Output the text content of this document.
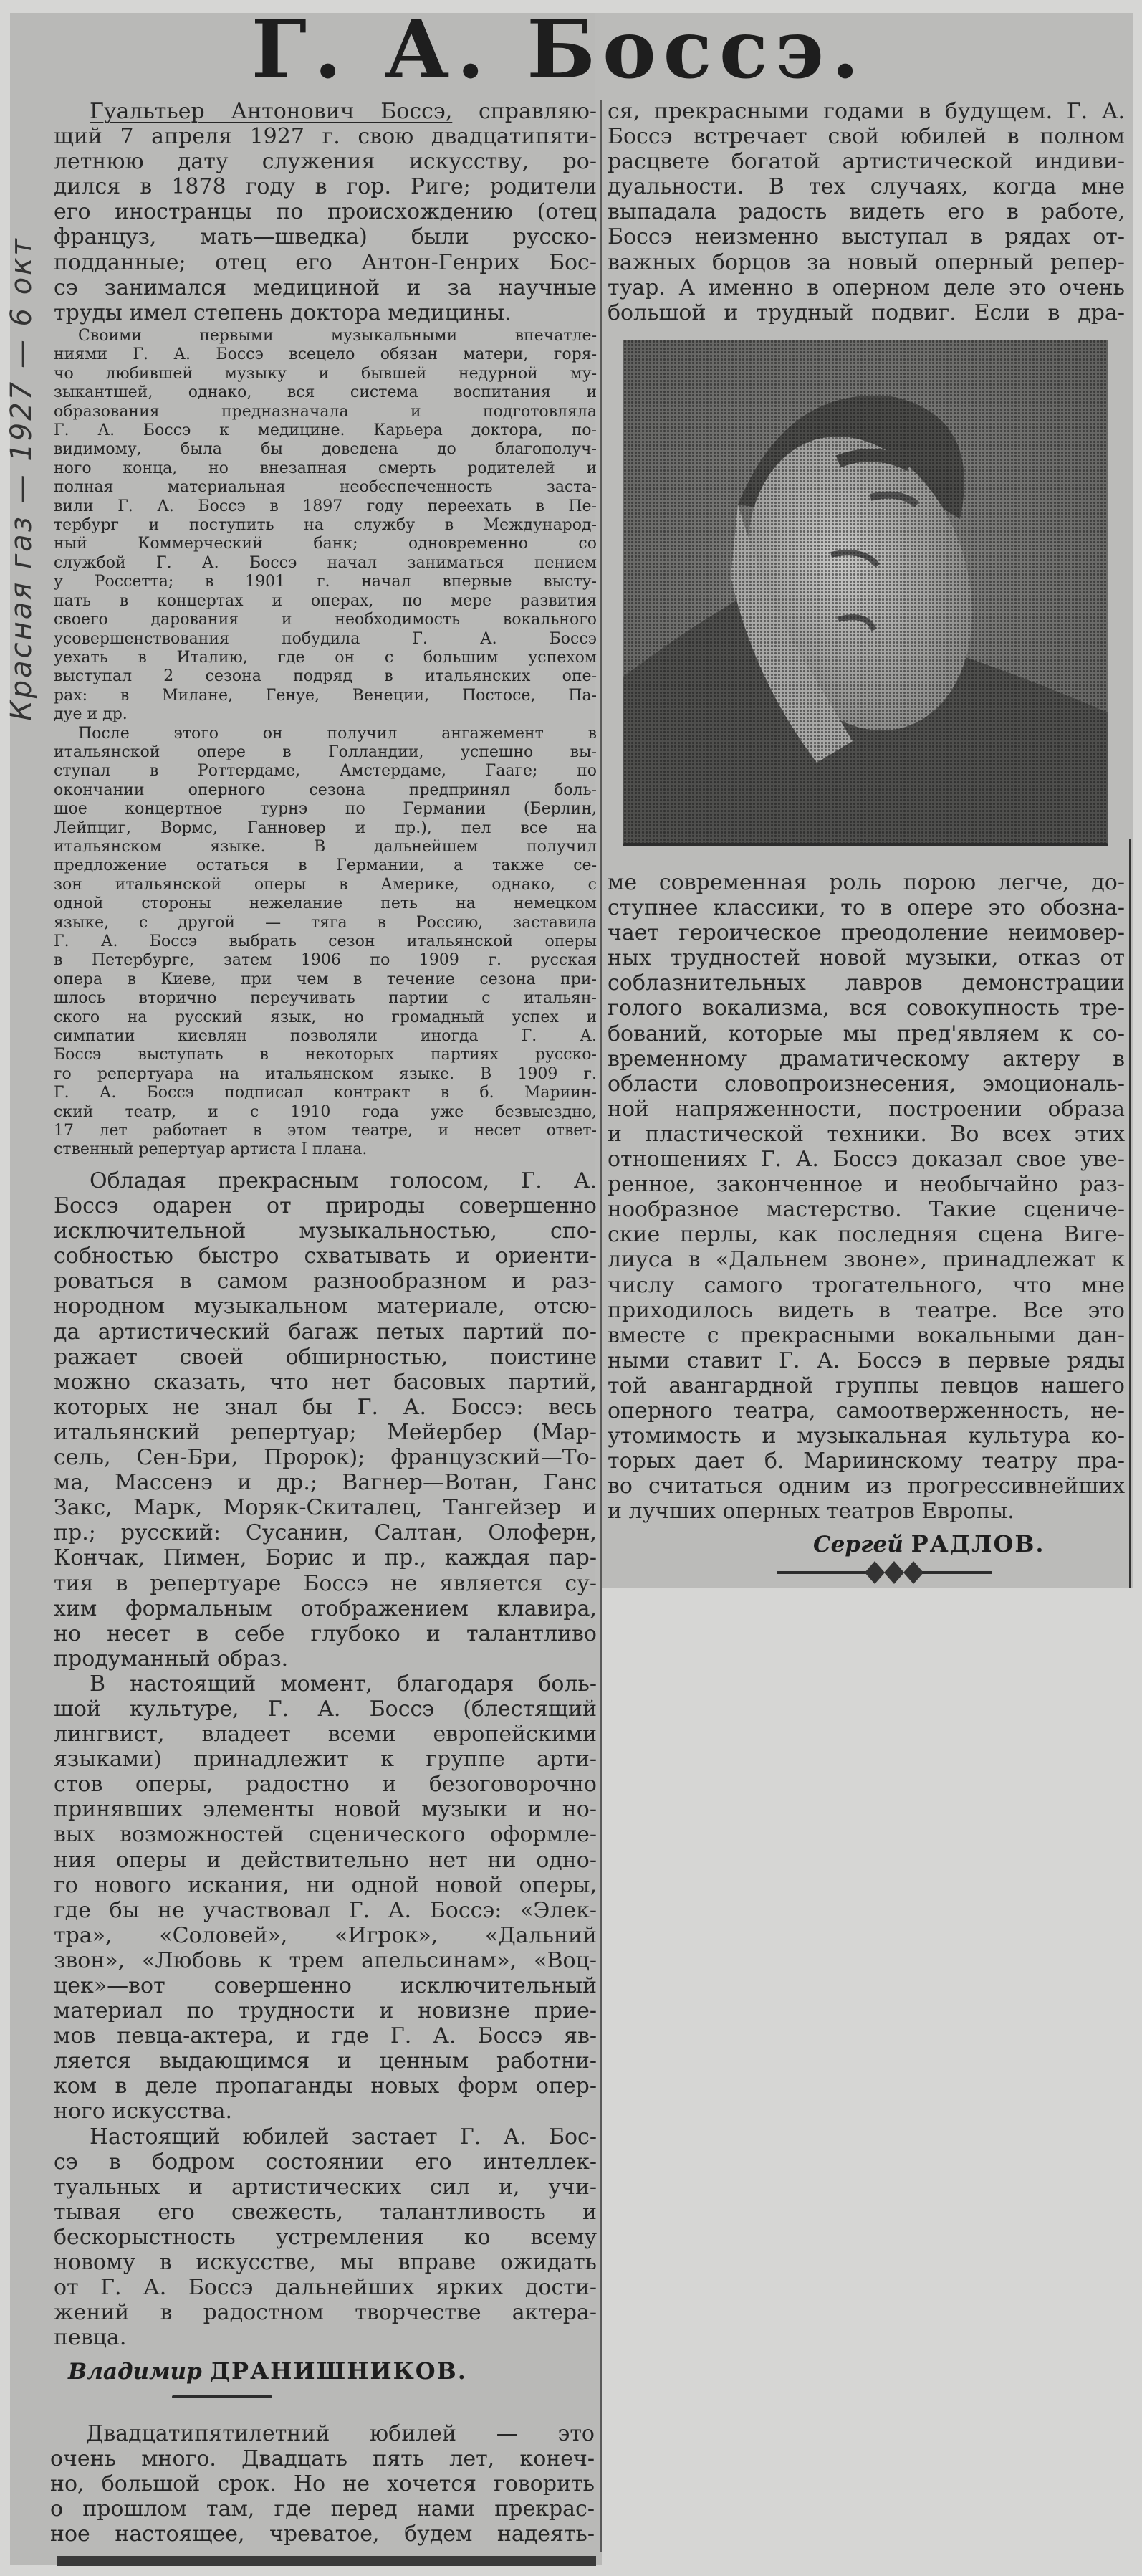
Красная газ — 1927 — 6 окт
Г. А. Боссэ.
Гуальтьер Антонович Боссэ, справляю-
щий 7 апреля 1927 г. свою двадцатипяти-
летнюю дату служения искусству, ро-
дился в 1878 году в гор. Риге; родители
его иностранцы по происхождению (отец
француз, мать—шведка) были русско-
подданные; отец его Антон-Генрих Бос-
сэ занимался медициной и за научные
труды имел степень доктора медицины.
Своими первыми музыкальными впечатле-
ниями Г. А. Боссэ всецело обязан матери, горя-
чо любившей музыку и бывшей недурной му-
зыкантшей, однако, вся система воспитания и
образования предназначала и подготовляла
Г. А. Боссэ к медицине. Карьера доктора, по-
видимому, была бы доведена до благополуч-
ного конца, но внезапная смерть родителей и
полная материальная необеспеченность заста-
вили Г. А. Боссэ в 1897 году переехать в Пе-
тербург и поступить на службу в Международ-
ный Коммерческий банк; одновременно со
службой Г. А. Боссэ начал заниматься пением
у Россетта; в 1901 г. начал впервые высту-
пать в концертах и операх, по мере развития
своего дарования и необходимость вокального
усовершенствования побудила Г. А. Боссэ
уехать в Италию, где он с большим успехом
выступал 2 сезона подряд в итальянских опе-
рах: в Милане, Генуе, Венеции, Постосе, Па-
дуе и др.
После этого он получил ангажемент в
итальянской опере в Голландии, успешно вы-
ступал в Роттердаме, Амстердаме, Гааге; по
окончании оперного сезона предпринял боль-
шое концертное турнэ по Германии (Берлин,
Лейпциг, Вормс, Ганновер и пр.), пел все на
итальянском языке. В дальнейшем получил
предложение остаться в Германии, а также се-
зон итальянской оперы в Америке, однако, с
одной стороны нежелание петь на немецком
языке, с другой — тяга в Россию, заставила
Г. А. Боссэ выбрать сезон итальянской оперы
в Петербурге, затем 1906 по 1909 г. русская
опера в Киеве, при чем в течение сезона при-
шлось вторично переучивать партии с итальян-
ского на русский язык, но громадный успех и
симпатии киевлян позволяли иногда Г. А.
Боссэ выступать в некоторых партиях русско-
го репертуара на итальянском языке. В 1909 г.
Г. А. Боссэ подписал контракт в б. Мариин-
ский театр, и с 1910 года уже безвыездно,
17 лет работает в этом театре, и несет ответ-
ственный репертуар артиста I плана.
Обладая прекрасным голосом, Г. А.
Боссэ одарен от природы совершенно
исключительной музыкальностью, спо-
собностью быстро схватывать и ориенти-
роваться в самом разнообразном и раз-
нородном музыкальном материале, отсю-
да артистический багаж петых партий по-
ражает своей обширностью, поистине
можно сказать, что нет басовых партий,
которых не знал бы Г. А. Боссэ: весь
итальянский репертуар; Мейербер (Мар-
сель, Сен-Бри, Пророк); французский—То-
ма, Массенэ и др.; Вагнер—Вотан, Ганс
Закс, Марк, Моряк-Скиталец, Тангейзер и
пр.; русский: Сусанин, Салтан, Олоферн,
Кончак, Пимен, Борис и пр., каждая пар-
тия в репертуаре Боссэ не является су-
хим формальным отображением клавира,
но несет в себе глубоко и талантливо
продуманный образ.
В настоящий момент, благодаря боль-
шой культуре, Г. А. Боссэ (блестящий
лингвист, владеет всеми европейскими
языками) принадлежит к группе арти-
стов оперы, радостно и безоговорочно
принявших элементы новой музыки и но-
вых возможностей сценического оформле-
ния оперы и действительно нет ни одно-
го нового искания, ни одной новой оперы,
где бы не участвовал Г. А. Боссэ: «Элек-
тра», «Соловей», «Игрок», «Дальний
звон», «Любовь к трем апельсинам», «Воц-
цек»—вот совершенно исключительный
материал по трудности и новизне прие-
мов певца-актера, и где Г. А. Боссэ яв-
ляется выдающимся и ценным работни-
ком в деле пропаганды новых форм опер-
ного искусства.
Настоящий юбилей застает Г. А. Бос-
сэ в бодром состоянии его интеллек-
туальных и артистических сил и, учи-
тывая его свежесть, талантливость и
бескорыстность устремления ко всему
новому в искусстве, мы вправе ожидать
от Г. А. Боссэ дальнейших ярких дости-
жений в радостном творчестве актера-
певца.
Владимир ДРАНИШНИКОВ.
Двадцатипятилетний юбилей — это
очень много. Двадцать пять лет, конеч-
но, большой срок. Но не хочется говорить
о прошлом там, где перед нами прекрас-
ное настоящее, чреватое, будем надеять-
ся, прекрасными годами в будущем. Г. А.
Боссэ встречает свой юбилей в полном
расцвете богатой артистической индиви-
дуальности. В тех случаях, когда мне
выпадала радость видеть его в работе,
Боссэ неизменно выступал в рядах от-
важных борцов за новый оперный репер-
туар. А именно в оперном деле это очень
большой и трудный подвиг. Если в дра-
ме современная роль порою легче, до-
ступнее классики, то в опере это обозна-
чает героическое преодоление неимовер-
ных трудностей новой музыки, отказ от
соблазнительных лавров демонстрации
голого вокализма, вся совокупность тре-
бований, которые мы пред'являем к со-
временному драматическому актеру в
области словопроизнесения, эмоциональ-
ной напряженности, построении образа
и пластической техники. Во всех этих
отношениях Г. А. Боссэ доказал свое уве-
ренное, законченное и необычайно раз-
нообразное мастерство. Такие сцениче-
ские перлы, как последняя сцена Виге-
лиуса в «Дальнем звоне», принадлежат к
числу самого трогательного, что мне
приходилось видеть в театре. Все это
вместе с прекрасными вокальными дан-
ными ставит Г. А. Боссэ в первые ряды
той авангардной группы певцов нашего
оперного театра, самоотверженность, не-
утомимость и музыкальная культура ко-
торых дает б. Мариинскому театру пра-
во считаться одним из прогрессивнейших
и лучших оперных театров Европы.
Сергей РАДЛОВ.
